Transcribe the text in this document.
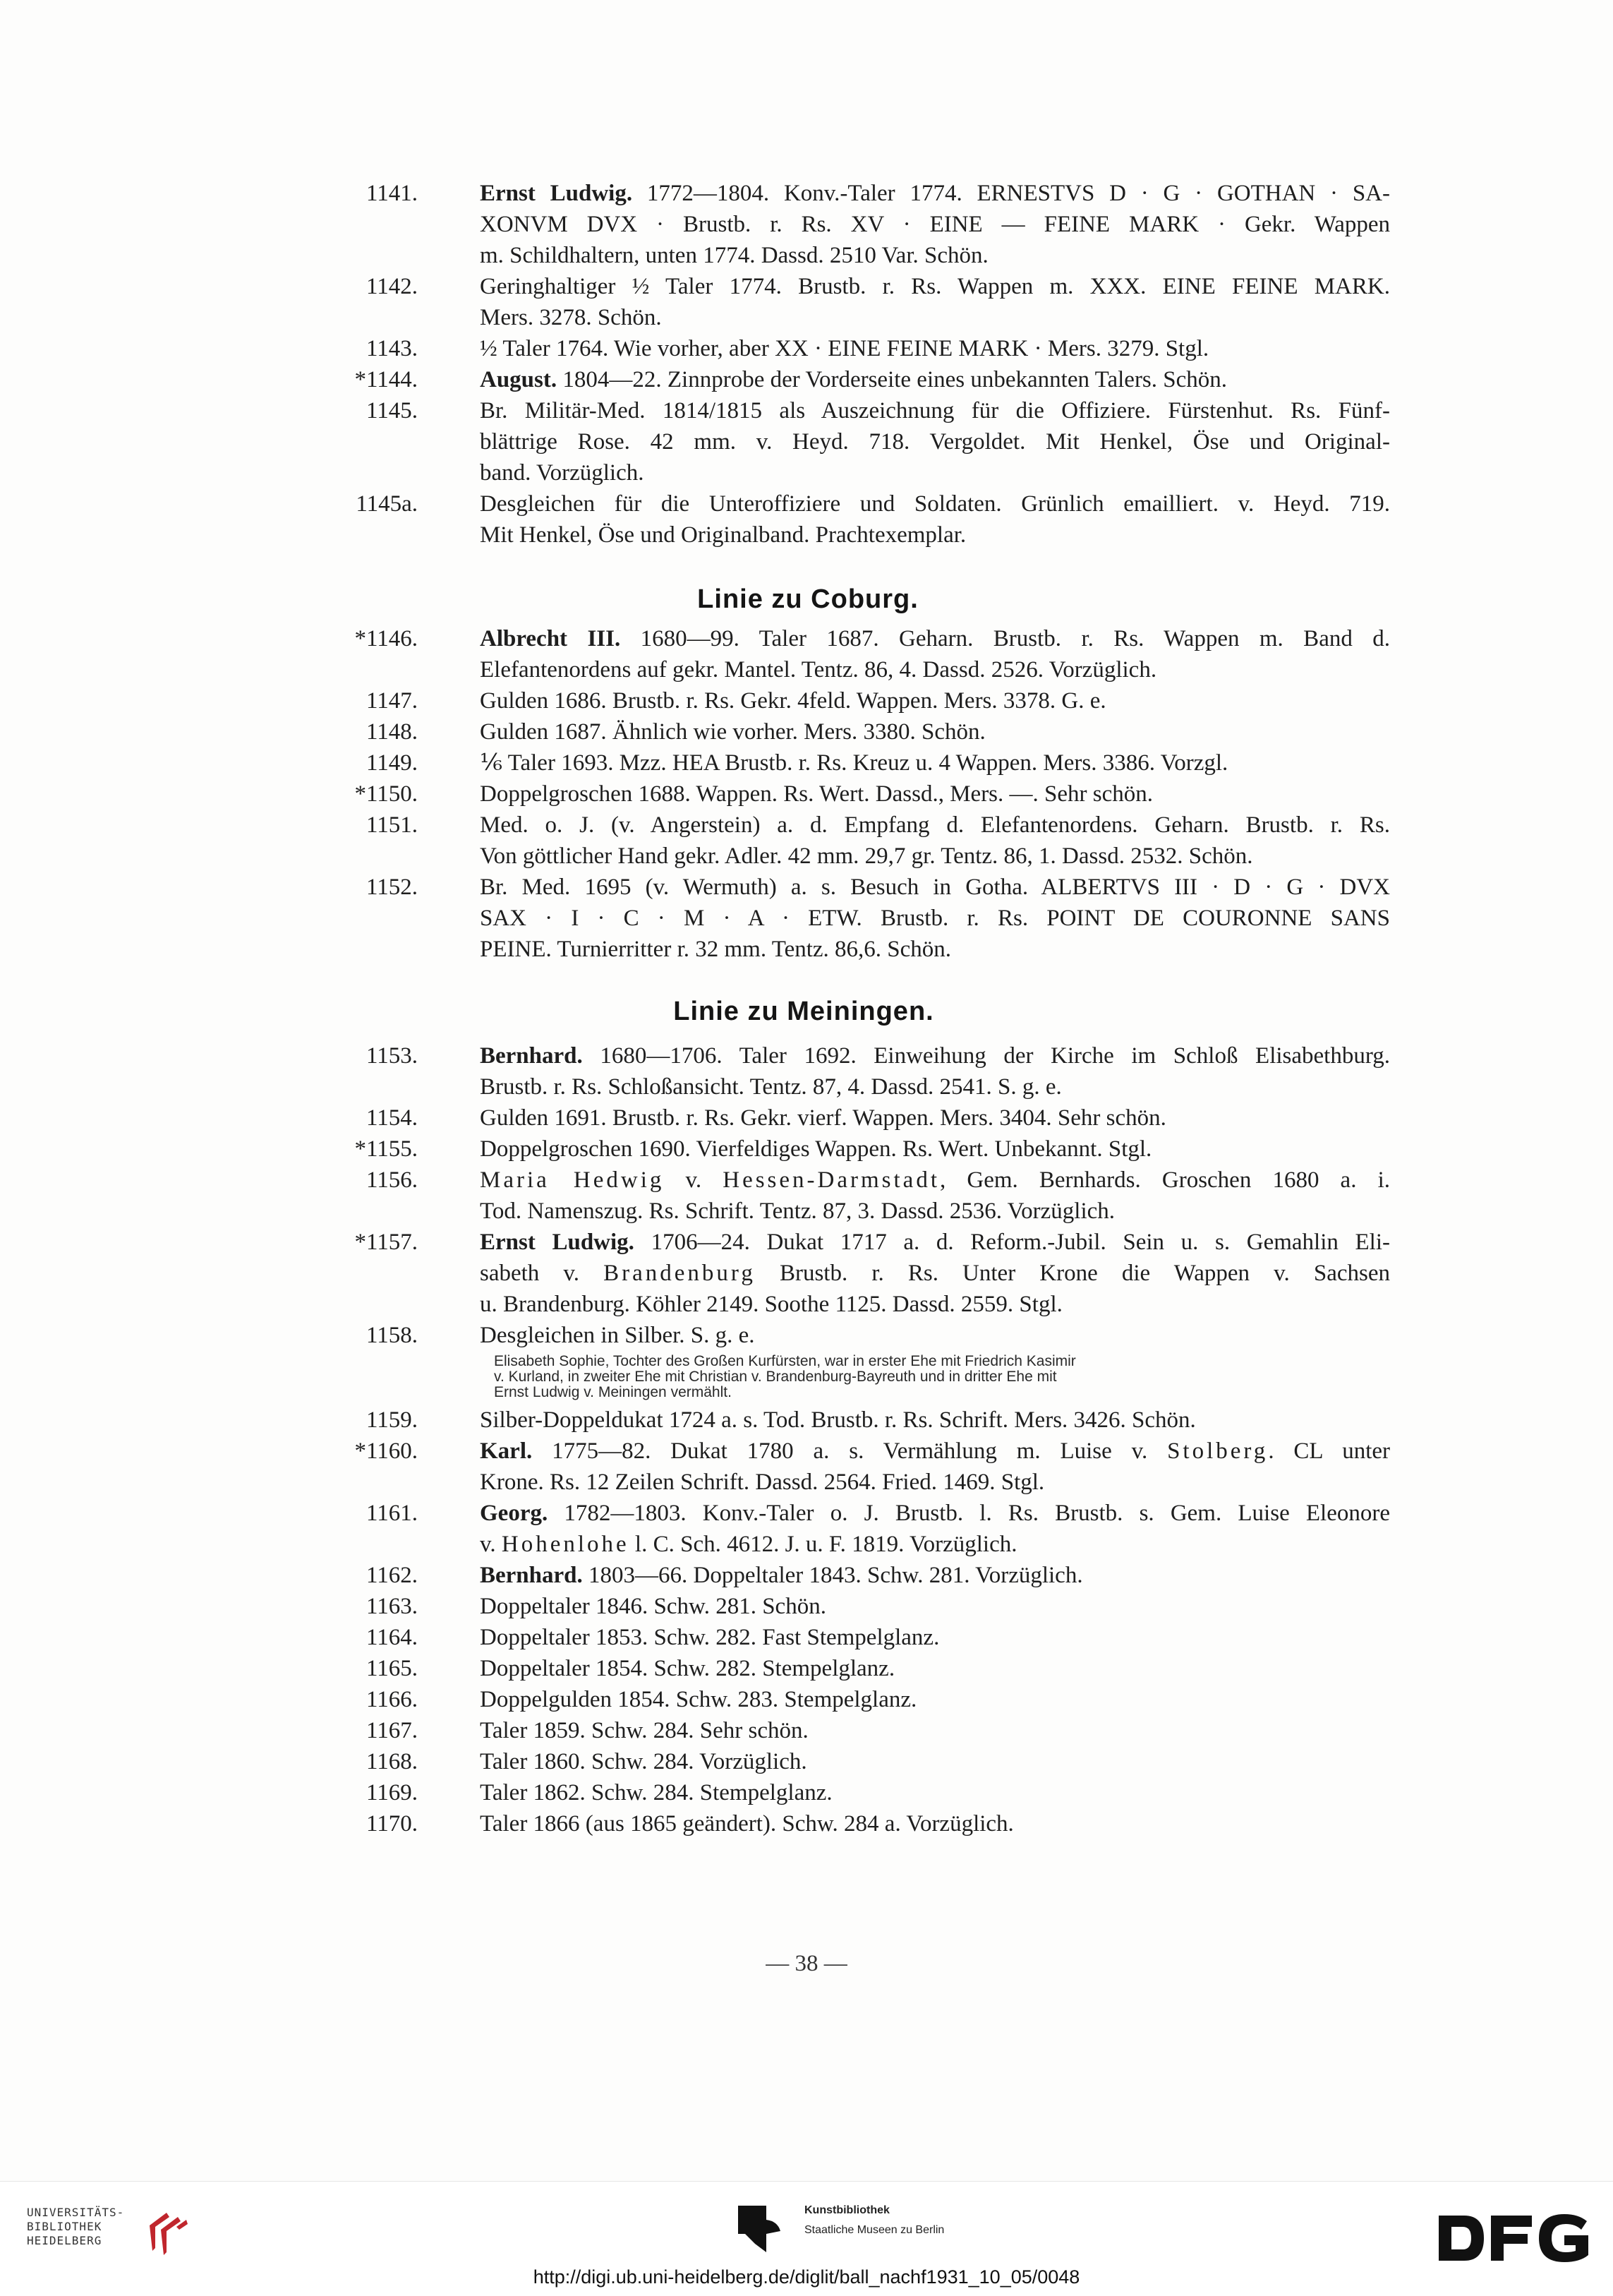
1141.	Ernst Ludwig. 1772—1804. Konv.-Taler 1774. ERNESTVS D · G · GOTHAN · SA-
XONVM DVX · Brustb. r. Rs. XV · EINE — FEINE MARK · Gekr. Wappen
m. Schildhaltern, unten 1774. Dassd. 2510 Var. Schön.
1142.	Geringhaltiger ½ Taler 1774. Brustb. r. Rs. Wappen m. XXX. EINE FEINE MARK.
Mers. 3278. Schön.
1143.	½ Taler 1764. Wie vorher, aber XX · EINE FEINE MARK · Mers. 3279. Stgl.
*1144.	August. 1804—22. Zinnprobe der Vorderseite eines unbekannten Talers. Schön.
1145.	Br. Militär-Med. 1814/1815 als Auszeichnung für die Offiziere. Fürstenhut. Rs. Fünf-
blättrige Rose. 42 mm. v. Heyd. 718. Vergoldet. Mit Henkel, Öse und Original-
band. Vorzüglich.
1145a.	Desgleichen für die Unteroffiziere und Soldaten. Grünlich emailliert. v. Heyd. 719.
Mit Henkel, Öse und Originalband. Prachtexemplar.
Linie zu Coburg.
*1146.	Albrecht III. 1680—99. Taler 1687. Geharn. Brustb. r. Rs. Wappen m. Band d.
Elefantenordens auf gekr. Mantel. Tentz. 86, 4. Dassd. 2526. Vorzüglich.
1147.	Gulden 1686. Brustb. r. Rs. Gekr. 4feld. Wappen. Mers. 3378. G. e.
1148.	Gulden 1687. Ähnlich wie vorher. Mers. 3380. Schön.
1149.	⅙ Taler 1693. Mzz. HEA Brustb. r. Rs. Kreuz u. 4 Wappen. Mers. 3386. Vorzgl.
*1150.	Doppelgroschen 1688. Wappen. Rs. Wert. Dassd., Mers. —. Sehr schön.
1151.	Med. o. J. (v. Angerstein) a. d. Empfang d. Elefantenordens. Geharn. Brustb. r. Rs.
Von göttlicher Hand gekr. Adler. 42 mm. 29,7 gr. Tentz. 86, 1. Dassd. 2532. Schön.
1152.	Br. Med. 1695 (v. Wermuth) a. s. Besuch in Gotha. ALBERTVS III · D · G · DVX
SAX · I · C · M · A · ETW. Brustb. r. Rs. POINT DE COURONNE SANS
PEINE. Turnierritter r. 32 mm. Tentz. 86,6. Schön.
Linie zu Meiningen.
1153.	Bernhard. 1680—1706. Taler 1692. Einweihung der Kirche im Schloß Elisabethburg.
Brustb. r. Rs. Schloßansicht. Tentz. 87, 4. Dassd. 2541. S. g. e.
1154.	Gulden 1691. Brustb. r. Rs. Gekr. vierf. Wappen. Mers. 3404. Sehr schön.
*1155.	Doppelgroschen 1690. Vierfeldiges Wappen. Rs. Wert. Unbekannt. Stgl.
1156.	Maria Hedwig v. Hessen-Darmstadt, Gem. Bernhards. Groschen 1680 a. i.
Tod. Namenszug. Rs. Schrift. Tentz. 87, 3. Dassd. 2536. Vorzüglich.
*1157.	Ernst Ludwig. 1706—24. Dukat 1717 a. d. Reform.-Jubil. Sein u. s. Gemahlin Eli-
sabeth v. Brandenburg Brustb. r. Rs. Unter Krone die Wappen v. Sachsen
u. Brandenburg. Köhler 2149. Soothe 1125. Dassd. 2559. Stgl.
1158.	Desgleichen in Silber. S. g. e.
Elisabeth Sophie, Tochter des Großen Kurfürsten, war in erster Ehe mit Friedrich Kasimir
v. Kurland, in zweiter Ehe mit Christian v. Brandenburg-Bayreuth und in dritter Ehe mit
Ernst Ludwig v. Meiningen vermählt.
1159.	Silber-Doppeldukat 1724 a. s. Tod. Brustb. r. Rs. Schrift. Mers. 3426. Schön.
*1160.	Karl. 1775—82. Dukat 1780 a. s. Vermählung m. Luise v. Stolberg. CL unter
Krone. Rs. 12 Zeilen Schrift. Dassd. 2564. Fried. 1469. Stgl.
1161.	Georg. 1782—1803. Konv.-Taler o. J. Brustb. l. Rs. Brustb. s. Gem. Luise Eleonore
v. Hohenlohe l. C. Sch. 4612. J. u. F. 1819. Vorzüglich.
1162.	Bernhard. 1803—66. Doppeltaler 1843. Schw. 281. Vorzüglich.
1163.	Doppeltaler 1846. Schw. 281. Schön.
1164.	Doppeltaler 1853. Schw. 282. Fast Stempelglanz.
1165.	Doppeltaler 1854. Schw. 282. Stempelglanz.
1166.	Doppelgulden 1854. Schw. 283. Stempelglanz.
1167.	Taler 1859. Schw. 284. Sehr schön.
1168.	Taler 1860. Schw. 284. Vorzüglich.
1169.	Taler 1862. Schw. 284. Stempelglanz.
1170.	Taler 1866 (aus 1865 geändert). Schw. 284 a. Vorzüglich.
— 38 —
UNIVERSITÄTS-
BIBLIOTHEK
HEIDELBERG
Kunstbibliothek
Staatliche Museen zu Berlin
http://digi.ub.uni-heidelberg.de/diglit/ball_nachf1931_10_05/0048
